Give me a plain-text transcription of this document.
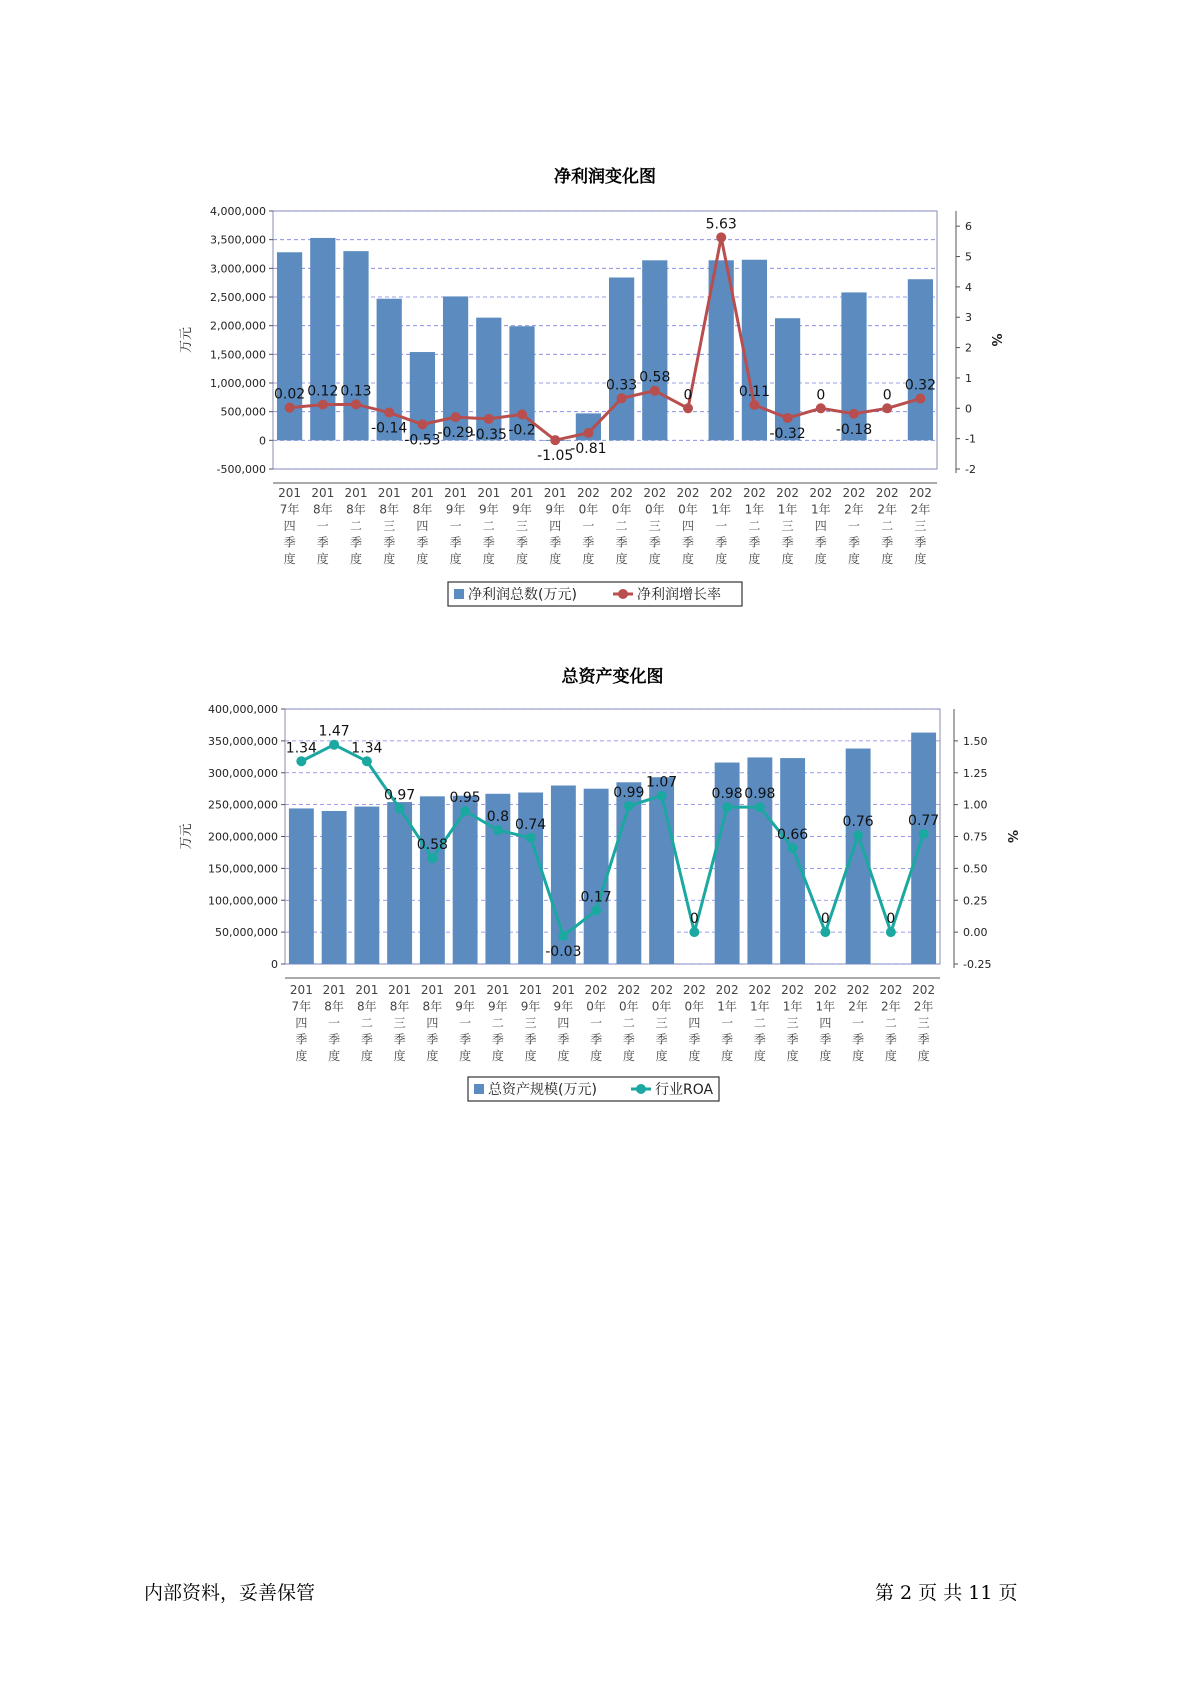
净利润变化图
4,000,000
3,500,000
3,000,000
2,500,000
2,000,000
1,500,000
1,000,000
500,000
0
-500,000
6
5
4
3
2
1
0
-1
-2
万元	%
201 7年四季度
201 8年一季度
201 8年二季度
201 8年三季度
201 8年四季度
201 9年一季度
201 9年二季度
201 9年三季度
201 9年四季度
202 0年一季度
202 0年二季度
202 0年三季度
202 0年四季度
202 1年一季度
202 1年二季度
202 1年三季度
202 1年四季度
202 2年一季度
202 2年二季度
202 2年三季度
0.02 0.12 0.13
-0.14
-0.53
-0.29
-0.35 -0.2
-1.05
-0.81
0.33 0.58
0
5.63
0.11
-0.32
0
-0.18
0
0.32
净利润总数(万元)	净利润增长率
总资产变化图
400,000,000
350,000,000
300,000,000
250,000,000
200,000,000
150,000,000
100,000,000
50,000,000
0
1.50
1.25
1.00
0.75
0.50
0.25
0.00
-0.25
万元	%
201 7年四季度
201 8年一季度
201 8年二季度
201 8年三季度
201 8年四季度
201 9年一季度
201 9年二季度
201 9年三季度
201 9年四季度
202 0年一季度
202 0年二季度
202 0年三季度
202 0年四季度
202 1年一季度
202 1年二季度
202 1年三季度
202 1年四季度
202 2年一季度
202 2年二季度
202 2年三季度
1.34
1.47
1.34
0.97
0.58
0.95
0.8 0.74
-0.03
0.17
0.99
1.07
0
0.98 0.98
0.66
0
0.76
0
0.77
总资产规模(万元)	行业ROA
内部资料，妥善保管	第 2 页 共 11 页
